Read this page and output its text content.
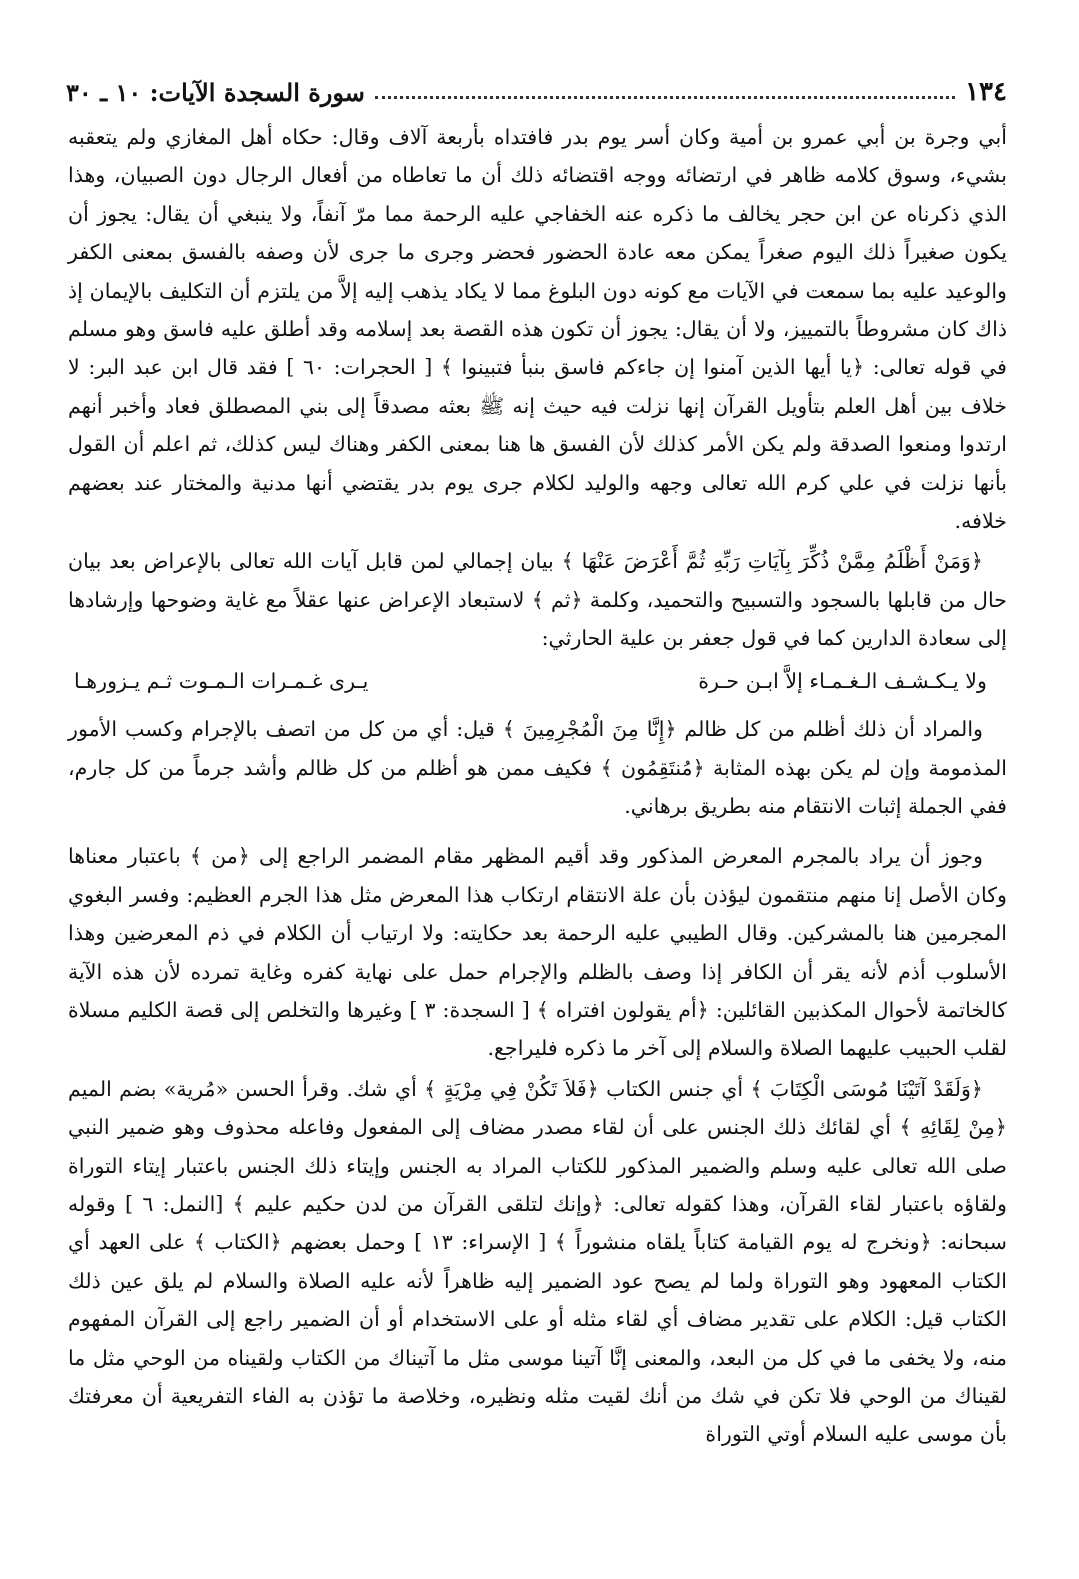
١٣٤
سورة السجدة الآيات: ١٠ ـ ٣٠

أبي وجرة بن أبي عمرو بن أمية وكان أسر يوم بدر فافتداه بأربعة آلاف وقال: حكاه أهل المغازي ولم يتعقبه بشيء، وسوق كلامه ظاهر في ارتضائه ووجه اقتضائه ذلك أن ما تعاطاه من أفعال الرجال دون الصبيان، وهذا الذي ذكرناه عن ابن حجر يخالف ما ذكره عنه الخفاجي عليه الرحمة مما مرّ آنفاً، ولا ينبغي أن يقال: يجوز أن يكون صغيراً ذلك اليوم صغراً يمكن معه عادة الحضور فحضر وجرى ما جرى لأن وصفه بالفسق بمعنى الكفر والوعيد عليه بما سمعت في الآيات مع كونه دون البلوغ مما لا يكاد يذهب إليه إلاَّ من يلتزم أن التكليف بالإيمان إذ ذاك كان مشروطاً بالتمييز، ولا أن يقال: يجوز أن تكون هذه القصة بعد إسلامه وقد أطلق عليه فاسق وهو مسلم في قوله تعالى: ﴿يا أيها الذين آمنوا إن جاءكم فاسق بنبأ فتبينوا ﴾ [ الحجرات: ٦٠ ] فقد قال ابن عبد البر: لا خلاف بين أهل العلم بتأويل القرآن إنها نزلت فيه حيث إنه ﷺ بعثه مصدقاً إلى بني المصطلق فعاد وأخبر أنهم ارتدوا ومنعوا الصدقة ولم يكن الأمر كذلك لأن الفسق ها هنا بمعنى الكفر وهناك ليس كذلك، ثم اعلم أن القول بأنها نزلت في علي كرم الله تعالى وجهه والوليد لكلام جرى يوم بدر يقتضي أنها مدنية والمختار عند بعضهم خلافه.

﴿وَمَنْ أَظْلَمُ مِمَّنْ ذُكِّرَ بِآيَاتِ رَبِّهِ ثُمَّ أَعْرَضَ عَنْهَا ﴾ بيان إجمالي لمن قابل آيات الله تعالى بالإعراض بعد بيان حال من قابلها بالسجود والتسبيح والتحميد، وكلمة ﴿ثم ﴾ لاستبعاد الإعراض عنها عقلاً مع غاية وضوحها وإرشادها إلى سعادة الدارين كما في قول جعفر بن علية الحارثي:

ولا يـكـشـف الـغـمـاء إلاَّ ابـن حـرة
يـرى غـمـرات الـمـوت ثـم يـزورهـا

والمراد أن ذلك أظلم من كل ظالم ﴿إِنَّا مِنَ الْمُجْرِمِينَ ﴾ قيل: أي من كل من اتصف بالإجرام وكسب الأمور المذمومة وإن لم يكن بهذه المثابة ﴿مُنتَقِمُون ﴾ فكيف ممن هو أظلم من كل ظالم وأشد جرماً من كل جارم، ففي الجملة إثبات الانتقام منه بطريق برهاني.

وجوز أن يراد بالمجرم المعرض المذكور وقد أقيم المظهر مقام المضمر الراجع إلى ﴿من ﴾ باعتبار معناها وكان الأصل إنا منهم منتقمون ليؤذن بأن علة الانتقام ارتكاب هذا المعرض مثل هذا الجرم العظيم: وفسر البغوي المجرمين هنا بالمشركين. وقال الطيبي عليه الرحمة بعد حكايته: ولا ارتياب أن الكلام في ذم المعرضين وهذا الأسلوب أذم لأنه يقر أن الكافر إذا وصف بالظلم والإجرام حمل على نهاية كفره وغاية تمرده لأن هذه الآية كالخاتمة لأحوال المكذبين القائلين: ﴿أم يقولون افتراه ﴾ [ السجدة: ٣ ] وغيرها والتخلص إلى قصة الكليم مسلاة لقلب الحبيب عليهما الصلاة والسلام إلى آخر ما ذكره فليراجع.

﴿وَلَقَدْ آتَيْنَا مُوسَى الْكِتَابَ ﴾ أي جنس الكتاب ﴿فَلاَ تَكُنْ فِي مِرْيَةٍ ﴾ أي شك. وقرأ الحسن «مُرية» بضم الميم ﴿مِنْ لِقَائِهِ ﴾ أي لقائك ذلك الجنس على أن لقاء مصدر مضاف إلى المفعول وفاعله محذوف وهو ضمير النبي صلى الله تعالى عليه وسلم والضمير المذكور للكتاب المراد به الجنس وإيتاء ذلك الجنس باعتبار إيتاء التوراة ولقاؤه باعتبار لقاء القرآن، وهذا كقوله تعالى: ﴿وإنك لتلقى القرآن من لدن حكيم عليم ﴾ [النمل: ٦ ] وقوله سبحانه: ﴿ونخرج له يوم القيامة كتاباً يلقاه منشوراً ﴾ [ الإسراء: ١٣ ] وحمل بعضهم ﴿الكتاب ﴾ على العهد أي الكتاب المعهود وهو التوراة ولما لم يصح عود الضمير إليه ظاهراً لأنه عليه الصلاة والسلام لم يلق عين ذلك الكتاب قيل: الكلام على تقدير مضاف أي لقاء مثله أو على الاستخدام أو أن الضمير راجع إلى القرآن المفهوم منه، ولا يخفى ما في كل من البعد، والمعنى إنَّا آتينا موسى مثل ما آتيناك من الكتاب ولقيناه من الوحي مثل ما لقيناك من الوحي فلا تكن في شك من أنك لقيت مثله ونظيره، وخلاصة ما تؤذن به الفاء التفريعية أن معرفتك بأن موسى عليه السلام أوتي التوراة
